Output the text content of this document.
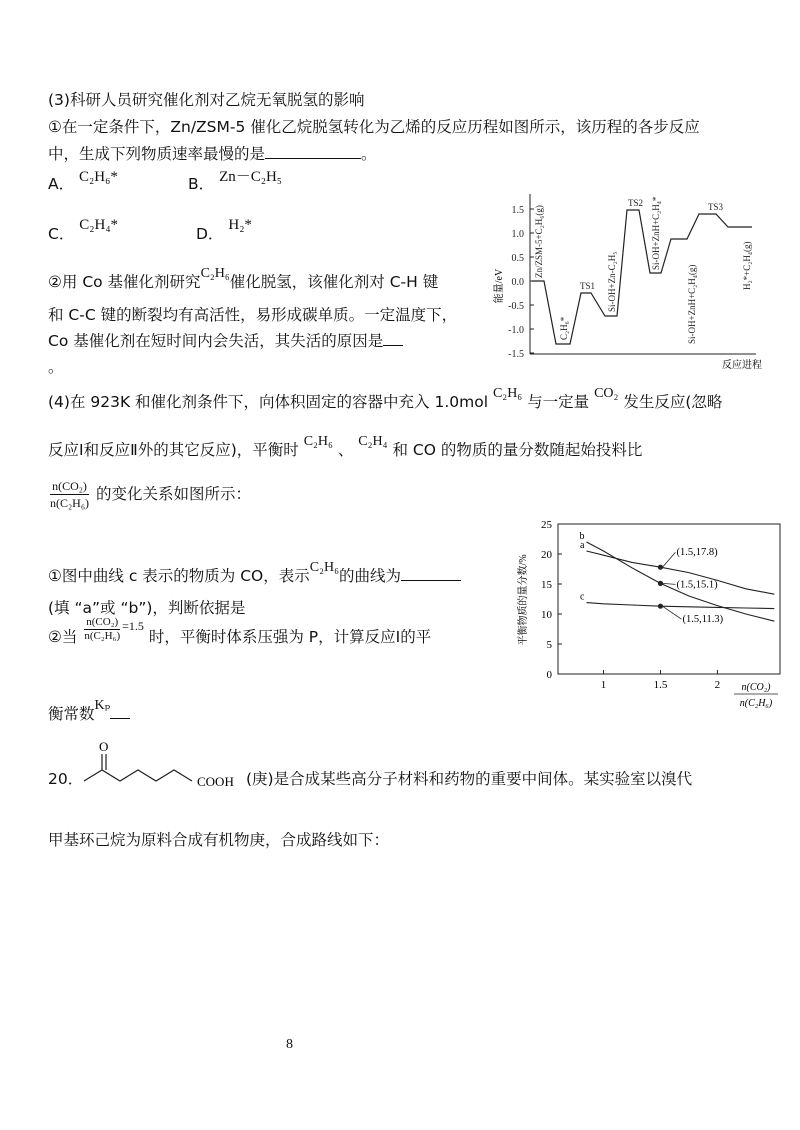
(3)科研人员研究催化剂对乙烷无氧脱氢的影响
①在一定条件下，Zn/ZSM-5 催化乙烷脱氢转化为乙烯的反应历程如图所示，该历程的各步反应
中，生成下列物质速率最慢的是	。
A． C₂H₆*	B． Zn－C₂H₅
C． C₂H₄*	D． H₂*
②用 Co 基催化剂研究C₂H₆催化脱氢，该催化剂对 C-H 键
和 C-C 键的断裂均有高活性，易形成碳单质。一定温度下，
Co 基催化剂在短时间内会失活，其失活的原因是
。
1.5
1.0
0.5
0.0
-0.5
-1.0
-1.5
能量/eV
反应进程
Zn/ZSM-5+C₂H₆(g)
C₂H₆*
TS1 Si-OH+Zn-C₂H₅
TS2 Si-OH+ZnH+C₂H₄*
Si-OH+ZnH+C₂H₄(g)
TS3
H₂*+C₂H₄(g)
(4)在 923K 和催化剂条件下，向体积固定的容器中充入 1.0mol C₂H₆ 与一定量 CO₂ 发生反应(忽略
反应Ⅰ和反应Ⅱ外的其它反应)，平衡时 C₂H₆ 、 C₂H₄ 和 CO 的物质的量分数随起始投料比
$\frac{\text{n(CO₂)}}{\text{n(C₂H₆)}}$ 的变化关系如图所示：
①图中曲线 c 表示的物质为 CO，表示C₂H₆的曲线为
(填 “a”或 “b”)，判断依据是
②当 $\frac{\text{n(CO₂)}}{\text{n(C₂H₆)}} ^{=1.5}$ 时，平衡时体系压强为 P，计算反应Ⅰ的平
衡常数Kₚ
0
5
10
15
20
25
1	1.5	2
平衡物质的量分数/%
n(CO₂)
n(C₂H₆)
a
b
c
(1.5,17.8)
(1.5,15.1)
(1.5,11.3)
20．
O
COOH (庚)是合成某些高分子材料和药物的重要中间体。某实验室以溴代
甲基环己烷为原料合成有机物庚，合成路线如下：
8
